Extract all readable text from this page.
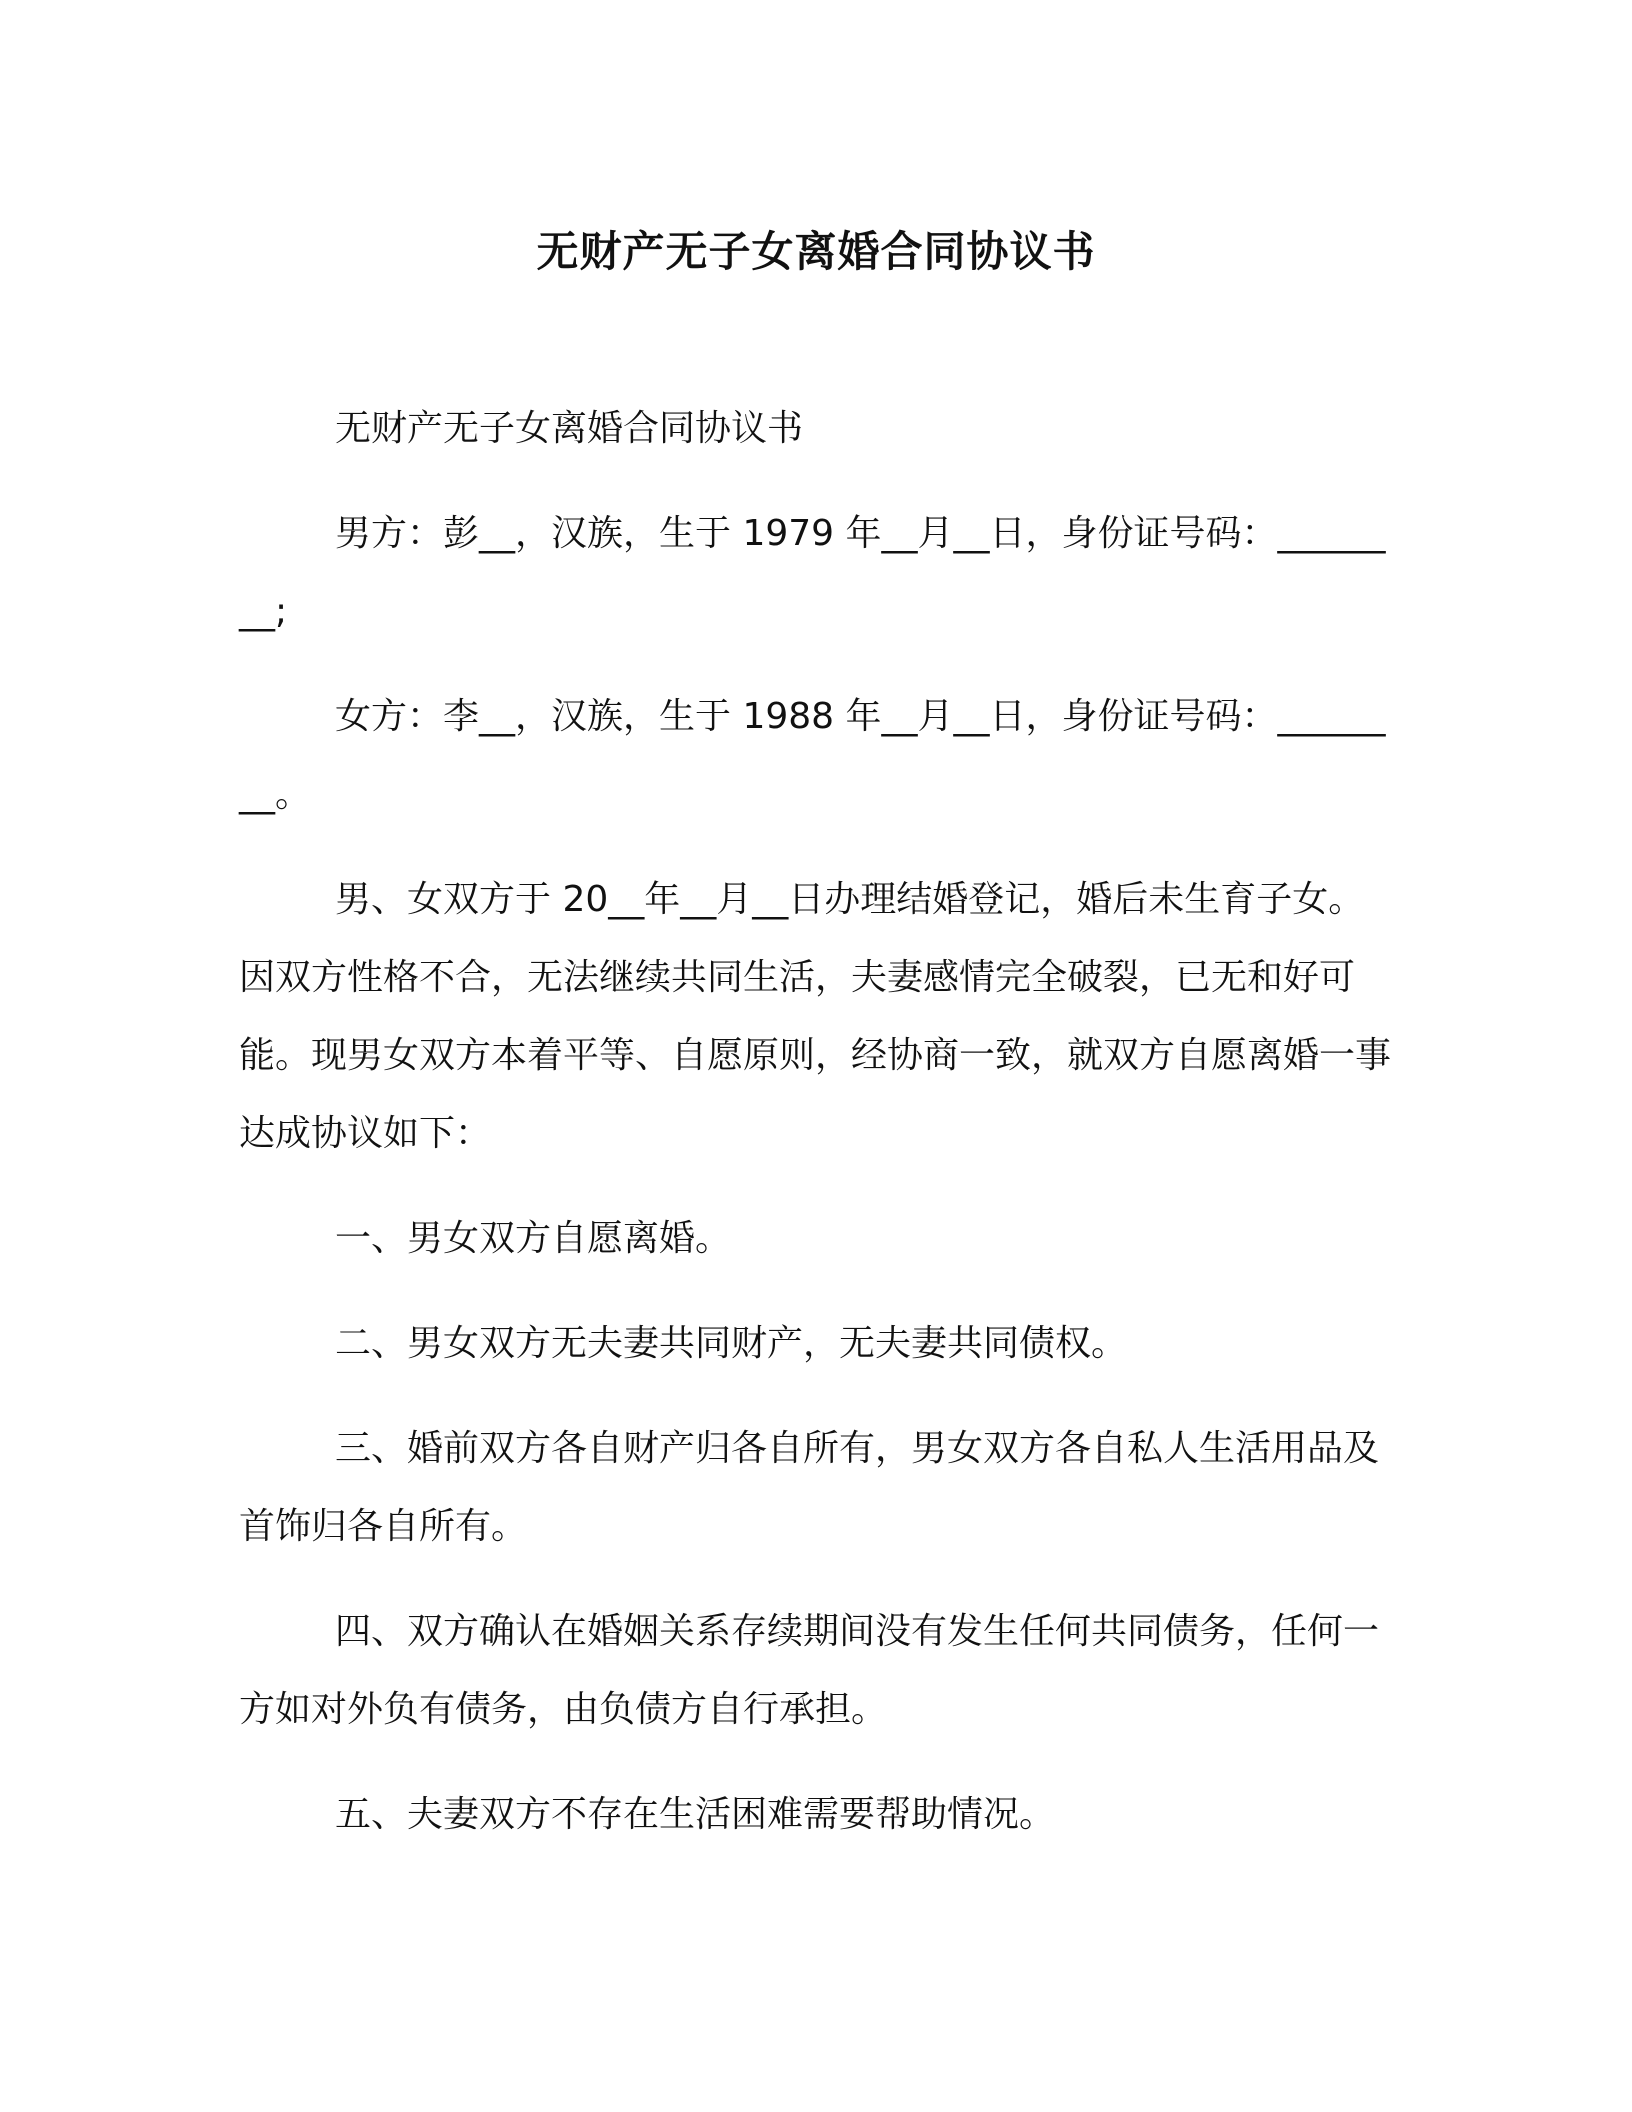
无财产无子女离婚合同协议书

无财产无子女离婚合同协议书

男方：彭__，汉族，生于 1979 年__月__日，身份证号码：________;

女方：李__，汉族，生于 1988 年__月__日，身份证号码：________。

男、女双方于 20__年__月__日办理结婚登记，婚后未生育子女。因双方性格不合，无法继续共同生活，夫妻感情完全破裂，已无和好可能。现男女双方本着平等、自愿原则，经协商一致，就双方自愿离婚一事达成协议如下：

一、男女双方自愿离婚。

二、男女双方无夫妻共同财产，无夫妻共同债权。

三、婚前双方各自财产归各自所有，男女双方各自私人生活用品及首饰归各自所有。

四、双方确认在婚姻关系存续期间没有发生任何共同债务，任何一方如对外负有债务，由负债方自行承担。

五、夫妻双方不存在生活困难需要帮助情况。
